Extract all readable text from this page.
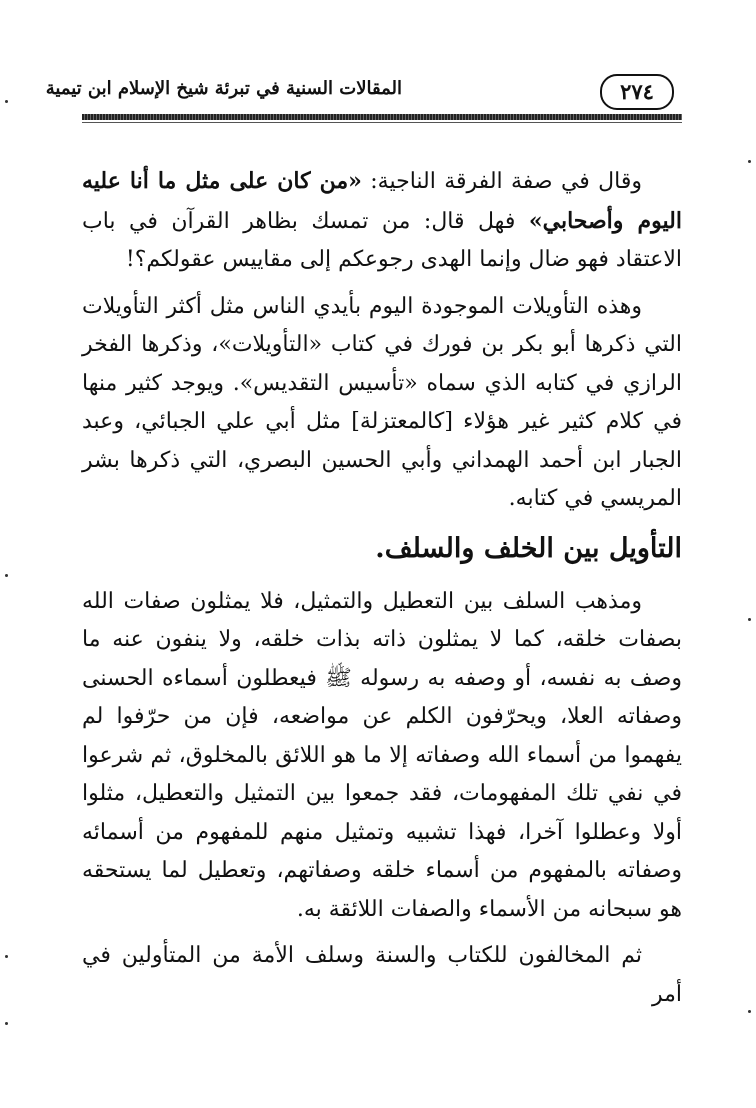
٢٧٤
المقالات السنية في تبرئة شيخ الإسلام ابن تيمية

وقال في صفة الفرقة الناجية: «من كان على مثل ما أنا عليه اليوم وأصحابي» فهل قال: من تمسك بظاهر القرآن في باب الاعتقاد فهو ضال وإنما الهدى رجوعكم إلى مقاييس عقولكم؟!

وهذه التأويلات الموجودة اليوم بأيدي الناس مثل أكثر التأويلات التي ذكرها أبو بكر بن فورك في كتاب «التأويلات»، وذكرها الفخر الرازي في كتابه الذي سماه «تأسيس التقديس». ويوجد كثير منها في كلام كثير غير هؤلاء [كالمعتزلة] مثل أبي علي الجبائي، وعبد الجبار ابن أحمد الهمداني وأبي الحسين البصري، التي ذكرها بشر المريسي في كتابه.

التأويل بين الخلف والسلف.

ومذهب السلف بين التعطيل والتمثيل، فلا يمثلون صفات الله بصفات خلقه، كما لا يمثلون ذاته بذات خلقه، ولا ينفون عنه ما وصف به نفسه، أو وصفه به رسوله ﷺ فيعطلون أسماءه الحسنى وصفاته العلا، ويحرّفون الكلم عن مواضعه، فإن من حرّفوا لم يفهموا من أسماء الله وصفاته إلا ما هو اللائق بالمخلوق، ثم شرعوا في نفي تلك المفهومات، فقد جمعوا بين التمثيل والتعطيل، مثلوا أولا وعطلوا آخرا، فهذا تشبيه وتمثيل منهم للمفهوم من أسمائه وصفاته بالمفهوم من أسماء خلقه وصفاتهم، وتعطيل لما يستحقه هو سبحانه من الأسماء والصفات اللائقة به.

ثم المخالفون للكتاب والسنة وسلف الأمة من المتأولين في أمر
